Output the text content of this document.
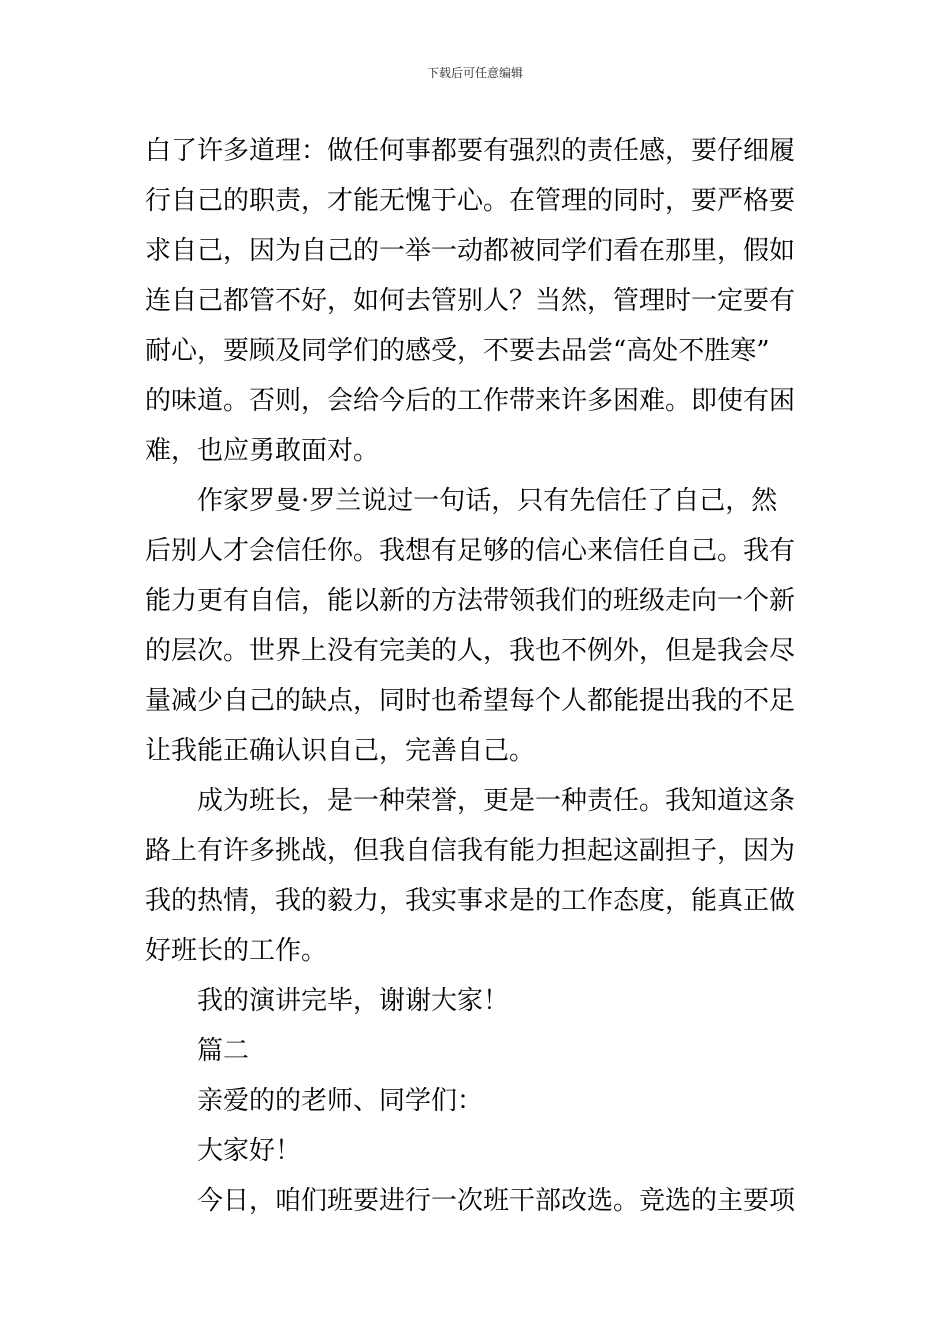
下载后可任意编辑

白了许多道理：做任何事都要有强烈的责任感，要仔细履
行自己的职责，才能无愧于心。在管理的同时，要严格要
求自己，因为自己的一举一动都被同学们看在那里，假如
连自己都管不好，如何去管别人？当然，管理时一定要有
耐心，要顾及同学们的感受，不要去品尝“高处不胜寒”
的味道。否则，会给今后的工作带来许多困难。即使有困
难，也应勇敢面对。

作家罗曼·罗兰说过一句话，只有先信任了自己，然
后别人才会信任你。我想有足够的信心来信任自己。我有
能力更有自信，能以新的方法带领我们的班级走向一个新
的层次。世界上没有完美的人，我也不例外，但是我会尽
量减少自己的缺点，同时也希望每个人都能提出我的不足
让我能正确认识自己，完善自己。

成为班长，是一种荣誉，更是一种责任。我知道这条
路上有许多挑战，但我自信我有能力担起这副担子，因为
我的热情，我的毅力，我实事求是的工作态度，能真正做
好班长的工作。

我的演讲完毕，谢谢大家！

篇二

亲爱的的老师、同学们：

大家好！

今日，咱们班要进行一次班干部改选。竞选的主要项
